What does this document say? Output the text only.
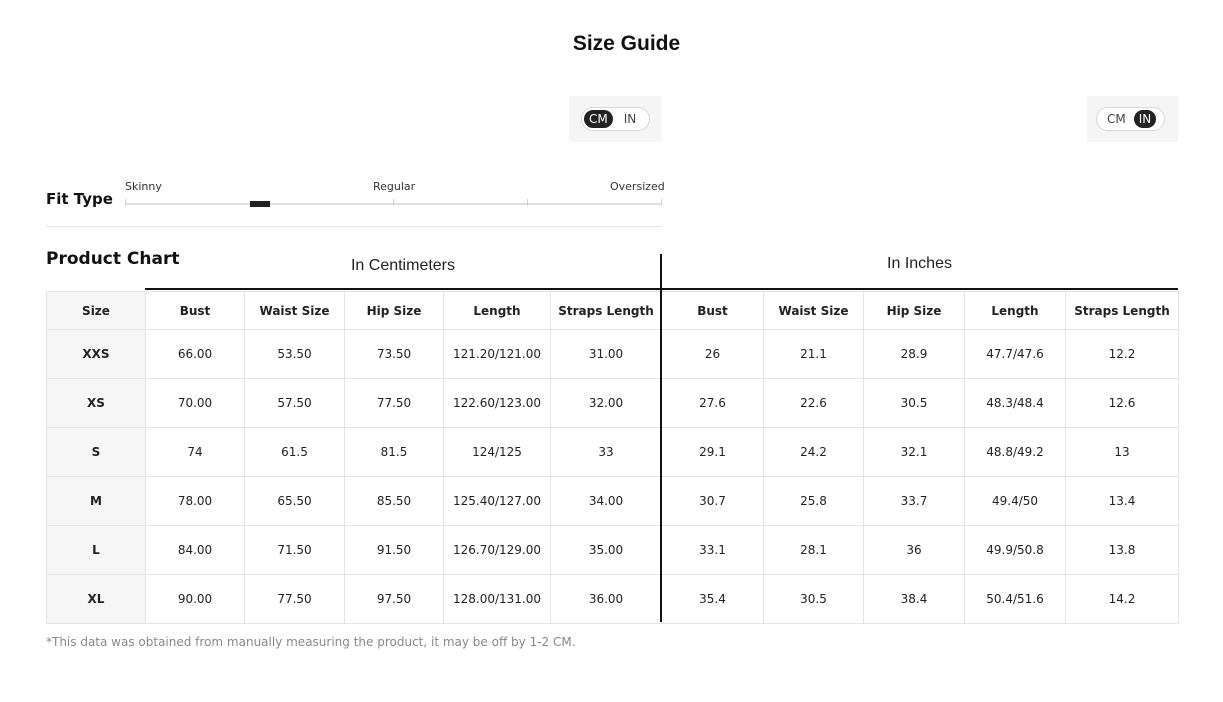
Size Guide
CM	IN	CM	IN
Fit Type
Skinny	Regular	Oversized
Product Chart	In Centimeters	In Inches
Size	Bust	Waist Size	Hip Size	Length	Straps Length	Bust	Waist Size	Hip Size	Length	Straps Length
XXS	66.00	53.50	73.50	121.20/121.00	31.00	26	21.1	28.9	47.7/47.6	12.2
XS	70.00	57.50	77.50	122.60/123.00	32.00	27.6	22.6	30.5	48.3/48.4	12.6
S	74	61.5	81.5	124/125	33	29.1	24.2	32.1	48.8/49.2	13
M	78.00	65.50	85.50	125.40/127.00	34.00	30.7	25.8	33.7	49.4/50	13.4
L	84.00	71.50	91.50	126.70/129.00	35.00	33.1	28.1	36	49.9/50.8	13.8
XL	90.00	77.50	97.50	128.00/131.00	36.00	35.4	30.5	38.4	50.4/51.6	14.2
*This data was obtained from manually measuring the product, it may be off by 1-2 CM.
